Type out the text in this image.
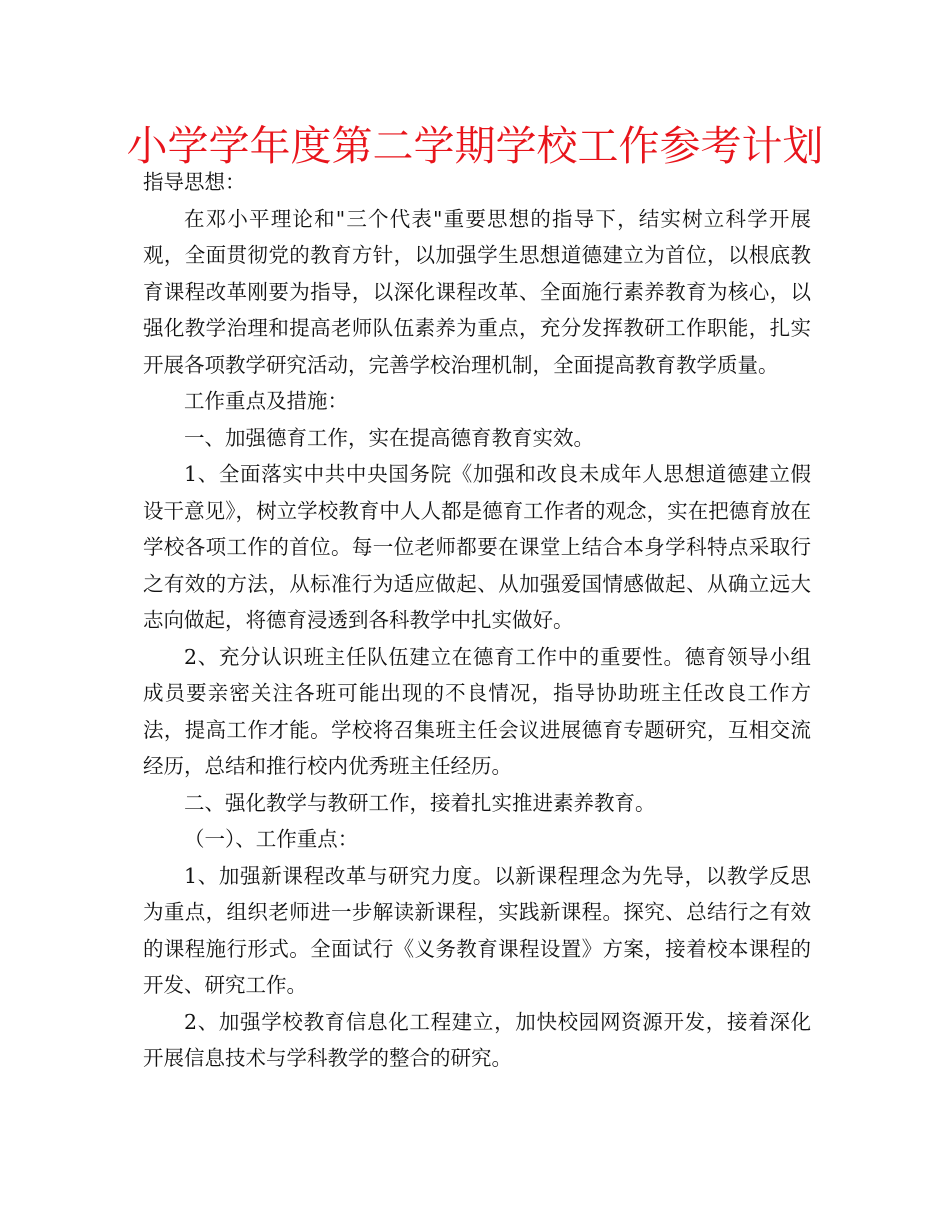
小学学年度第二学期学校工作参考计划

指导思想：

在邓小平理论和"三个代表"重要思想的指导下，结实树立科学开展观，全面贯彻党的教育方针，以加强学生思想道德建立为首位，以根底教育课程改革刚要为指导，以深化课程改革、全面施行素养教育为核心，以强化教学治理和提高老师队伍素养为重点，充分发挥教研工作职能，扎实开展各项教学研究活动，完善学校治理机制，全面提高教育教学质量。

工作重点及措施：

一、加强德育工作，实在提高德育教育实效。

1、全面落实中共中央国务院《加强和改良未成年人思想道德建立假设干意见》，树立学校教育中人人都是德育工作者的观念，实在把德育放在学校各项工作的首位。每一位老师都要在课堂上结合本身学科特点采取行之有效的方法，从标准行为适应做起、从加强爱国情感做起、从确立远大志向做起，将德育浸透到各科教学中扎实做好。

2、充分认识班主任队伍建立在德育工作中的重要性。德育领导小组成员要亲密关注各班可能出现的不良情况，指导协助班主任改良工作方法，提高工作才能。学校将召集班主任会议进展德育专题研究，互相交流经历，总结和推行校内优秀班主任经历。

二、强化教学与教研工作，接着扎实推进素养教育。

（一）、工作重点：

1、加强新课程改革与研究力度。以新课程理念为先导，以教学反思为重点，组织老师进一步解读新课程，实践新课程。探究、总结行之有效的课程施行形式。全面试行《义务教育课程设置》方案，接着校本课程的开发、研究工作。

2、加强学校教育信息化工程建立，加快校园网资源开发，接着深化开展信息技术与学科教学的整合的研究。
